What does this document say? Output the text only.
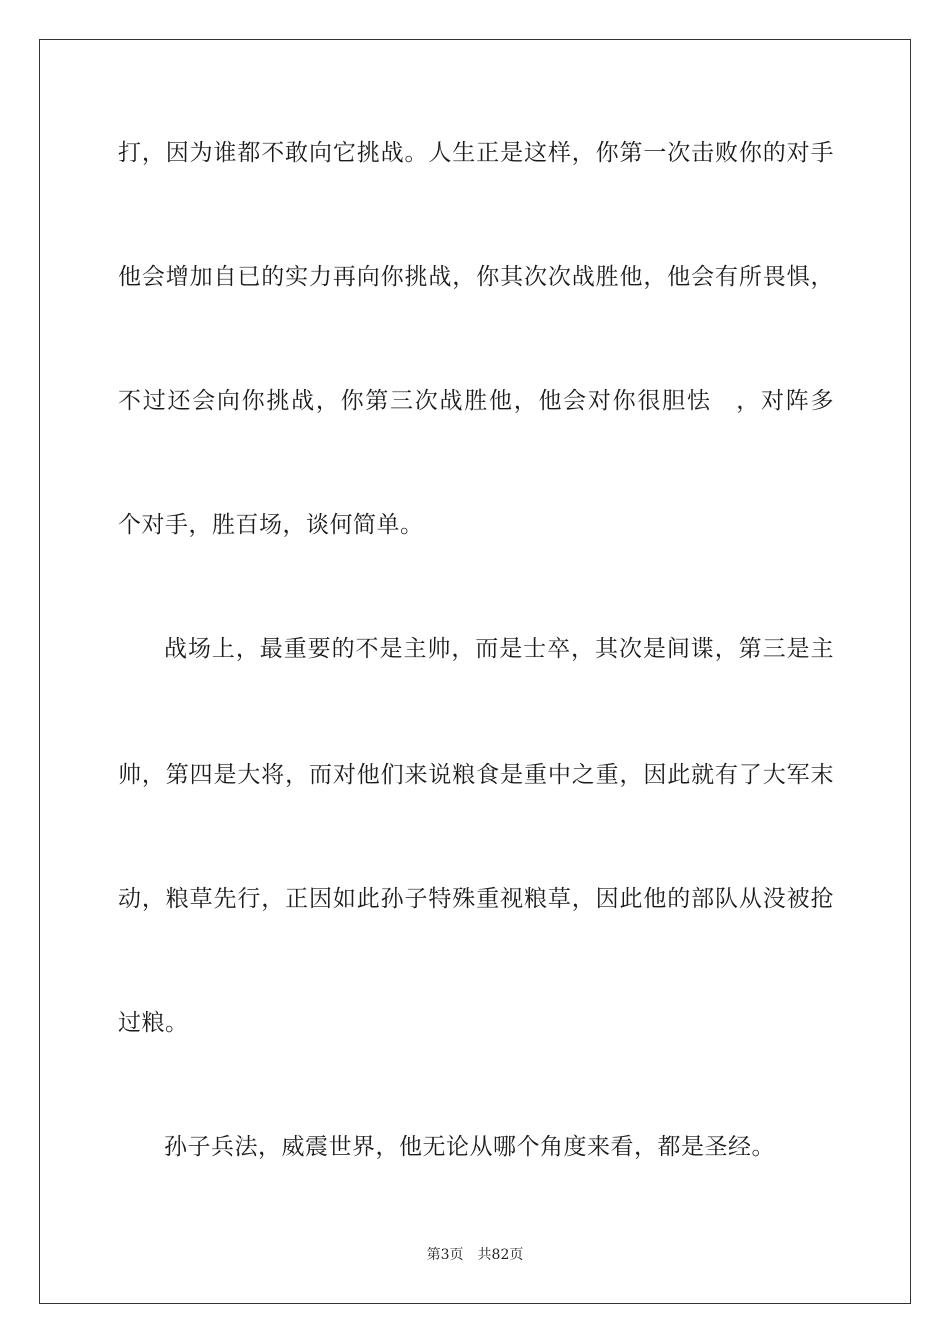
打，因为谁都不敢向它挑战。人生正是这样，你第一次击败你的对手
他会增加自已的实力再向你挑战，你其次次战胜他，他会有所畏惧，
不过还会向你挑战，你第三次战胜他，他会对你很胆怯　，对阵多
个对手，胜百场，谈何简单。
战场上，最重要的不是主帅，而是士卒，其次是间谍，第三是主
帅，第四是大将，而对他们来说粮食是重中之重，因此就有了大军末
动，粮草先行，正因如此孙子特殊重视粮草，因此他的部队从没被抢
过粮。
孙子兵法，威震世界，他无论从哪个角度来看，都是圣经。
第3页 共82页
